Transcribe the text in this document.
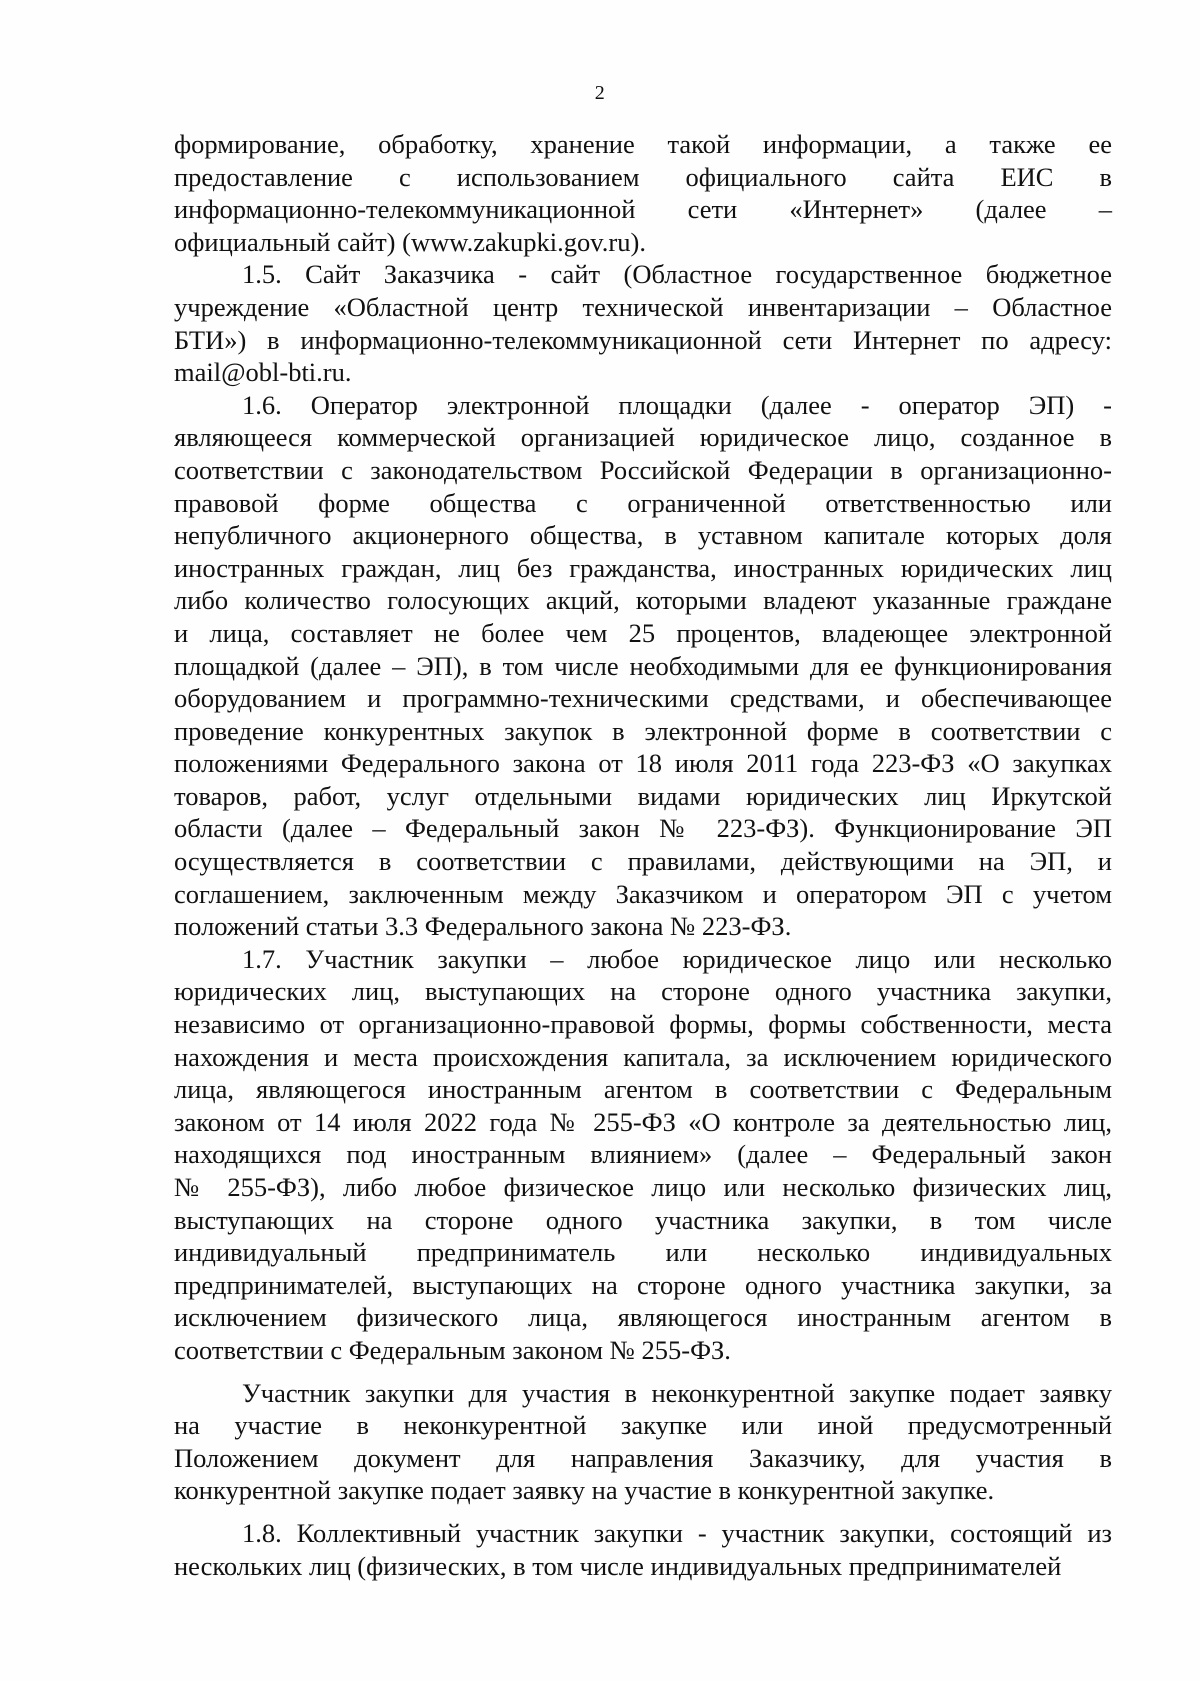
2
формирование, обработку, хранение такой информации, а также ее
предоставление с использованием официального сайта ЕИС в
информационно-телекоммуникационной сети «Интернет» (далее –
официальный сайт) (www.zakupki.gov.ru).
1.5. Сайт Заказчика - сайт (Областное государственное бюджетное
учреждение «Областной центр технической инвентаризации – Областное
БТИ») в информационно-телекоммуникационной сети Интернет по адресу:
mail@obl-bti.ru.
1.6. Оператор электронной площадки (далее - оператор ЭП) -
являющееся коммерческой организацией юридическое лицо, созданное в
соответствии с законодательством Российской Федерации в организационно-
правовой форме общества с ограниченной ответственностью или
непубличного акционерного общества, в уставном капитале которых доля
иностранных граждан, лиц без гражданства, иностранных юридических лиц
либо количество голосующих акций, которыми владеют указанные граждане
и лица, составляет не более чем 25 процентов, владеющее электронной
площадкой (далее – ЭП), в том числе необходимыми для ее функционирования
оборудованием и программно-техническими средствами, и обеспечивающее
проведение конкурентных закупок в электронной форме в соответствии с
положениями Федерального закона от 18 июля 2011 года 223-ФЗ «О закупках
товаров, работ, услуг отдельными видами юридических лиц Иркутской
области (далее – Федеральный закон № 223-ФЗ). Функционирование ЭП
осуществляется в соответствии с правилами, действующими на ЭП, и
соглашением, заключенным между Заказчиком и оператором ЭП с учетом
положений статьи 3.3 Федерального закона № 223-ФЗ.
1.7. Участник закупки – любое юридическое лицо или несколько
юридических лиц, выступающих на стороне одного участника закупки,
независимо от организационно-правовой формы, формы собственности, места
нахождения и места происхождения капитала, за исключением юридического
лица, являющегося иностранным агентом в соответствии с Федеральным
законом от 14 июля 2022 года № 255-ФЗ «О контроле за деятельностью лиц,
находящихся под иностранным влиянием» (далее – Федеральный закон
№ 255-ФЗ), либо любое физическое лицо или несколько физических лиц,
выступающих на стороне одного участника закупки, в том числе
индивидуальный предприниматель или несколько индивидуальных
предпринимателей, выступающих на стороне одного участника закупки, за
исключением физического лица, являющегося иностранным агентом в
соответствии с Федеральным законом № 255-ФЗ.
Участник закупки для участия в неконкурентной закупке подает заявку
на участие в неконкурентной закупке или иной предусмотренный
Положением документ для направления Заказчику, для участия в
конкурентной закупке подает заявку на участие в конкурентной закупке.
1.8. Коллективный участник закупки - участник закупки, состоящий из
нескольких лиц (физических, в том числе индивидуальных предпринимателей
